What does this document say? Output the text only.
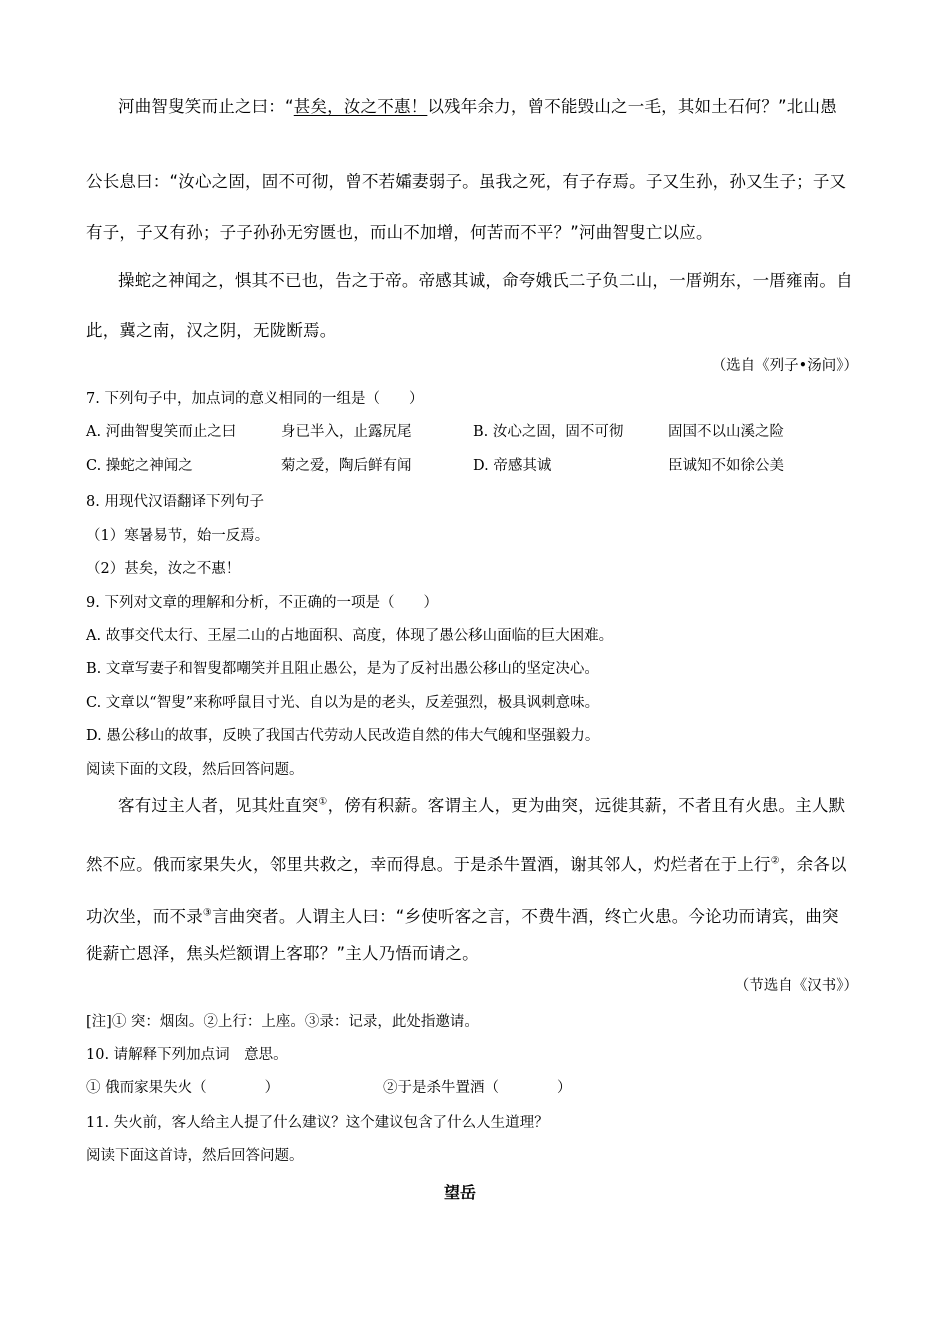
河曲智叟笑而止之曰：“甚矣，汝之不惠！以残年余力，曾不能毁山之一毛，其如土石何？”北山愚
公长息曰：“汝心之固，固不可彻，曾不若孀妻弱子。虽我之死，有子存焉。子又生孙，孙又生子；子又
有子，子又有孙；子子孙孙无穷匮也，而山不加增，何苦而不平？”河曲智叟亡以应。
操蛇之神闻之，惧其不已也，告之于帝。帝感其诚，命夸娥氏二子负二山，一厝朔东，一厝雍南。自
此，冀之南，汉之阴，无陇断焉。
（选自《列子•汤问》）
7. 下列句子中，加点词的意义相同的一组是（　　）
A. 河曲智叟笑而止之曰	身已半入，止露尻尾	B. 汝心之固，固不可彻	固国不以山溪之险
C. 操蛇之神闻之	菊之爱，陶后鲜有闻	D. 帝感其诚	臣诚知不如徐公美
8. 用现代汉语翻译下列句子
（1）寒暑易节，始一反焉。
（2）甚矣，汝之不惠！
9. 下列对文章的理解和分析，不正确的一项是（　　）
A. 故事交代太行、王屋二山的占地面积、高度，体现了愚公移山面临的巨大困难。
B. 文章写妻子和智叟都嘲笑并且阻止愚公，是为了反衬出愚公移山的坚定决心。
C. 文章以“智叟”来称呼鼠目寸光、自以为是的老头，反差强烈，极具讽刺意味。
D. 愚公移山的故事，反映了我国古代劳动人民改造自然的伟大气魄和坚强毅力。
阅读下面的文段，然后回答问题。
客有过主人者，见其灶直突①，傍有积薪。客谓主人，更为曲突，远徙其薪，不者且有火患。主人默
然不应。俄而家果失火，邻里共救之，幸而得息。于是杀牛置酒，谢其邻人，灼烂者在于上行②，余各以
功次坐，而不录③言曲突者。人谓主人曰：“乡使听客之言，不费牛酒，终亡火患。今论功而请宾，曲突
徙薪亡恩泽，焦头烂额谓上客耶？”主人乃悟而请之。
（节选自《汉书》）
[注]① 突：烟囱。②上行：上座。③录：记录，此处指邀请。
10. 请解释下列加点词　意思。
① 俄而家果失火（　　　　）	②于是杀牛置酒（　　　　）
11. 失火前，客人给主人提了什么建议？这个建议包含了什么人生道理？
阅读下面这首诗，然后回答问题。
望岳
